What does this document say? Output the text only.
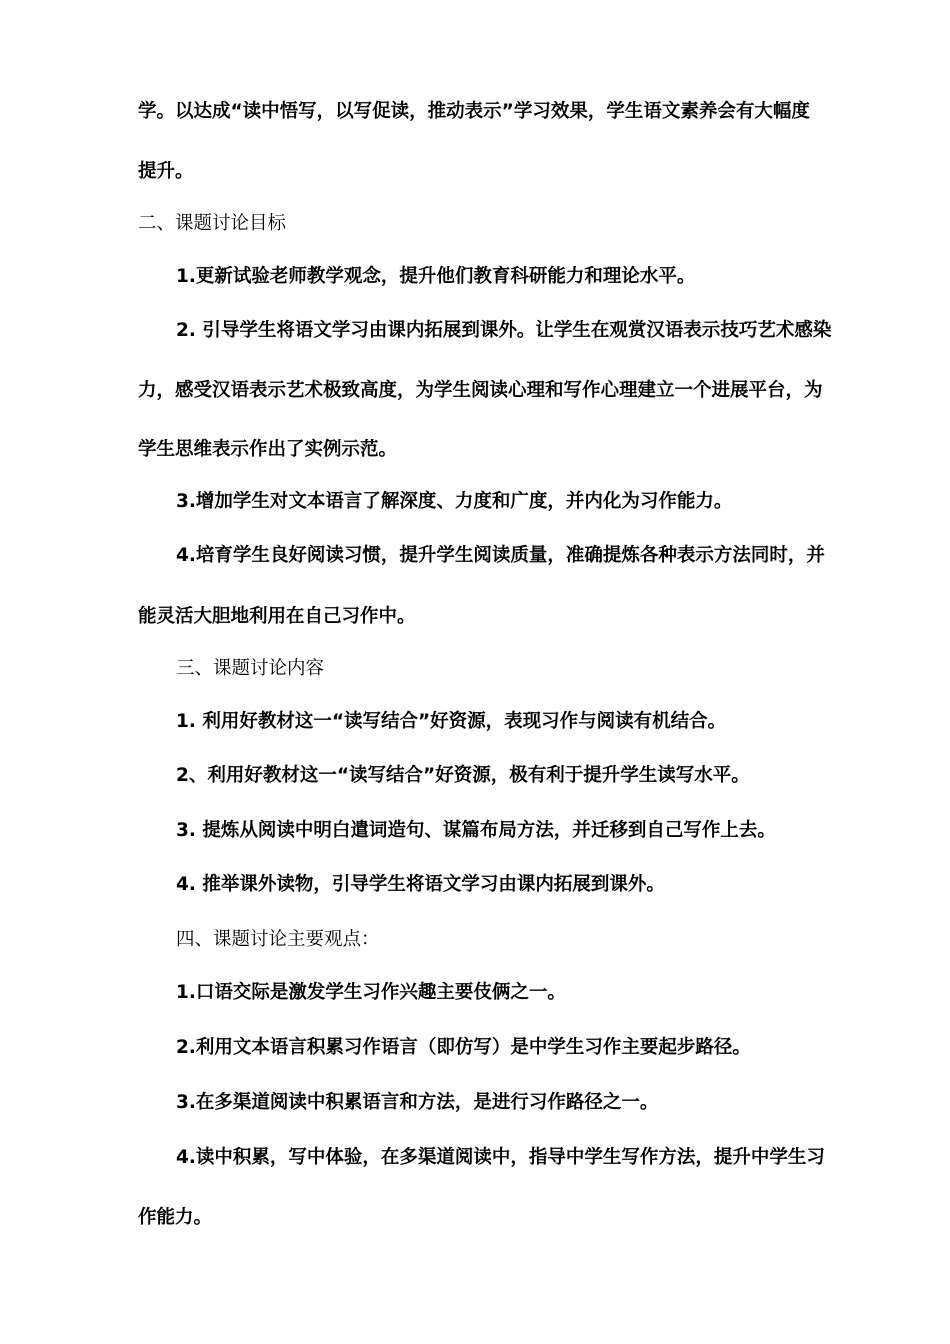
学。以达成“读中悟写，以写促读，推动表示”学习效果，学生语文素养会有大幅度
提升。
二、课题讨论目标
1.更新试验老师教学观念，提升他们教育科研能力和理论水平。
2. 引导学生将语文学习由课内拓展到课外。让学生在观赏汉语表示技巧艺术感染
力，感受汉语表示艺术极致高度，为学生阅读心理和写作心理建立一个进展平台，为
学生思维表示作出了实例示范。
3.增加学生对文本语言了解深度、力度和广度，并内化为习作能力。
4.培育学生良好阅读习惯，提升学生阅读质量，准确提炼各种表示方法同时，并
能灵活大胆地利用在自己习作中。
三、课题讨论内容
1. 利用好教材这一“读写结合”好资源，表现习作与阅读有机结合。
2、利用好教材这一“读写结合”好资源，极有利于提升学生读写水平。
3. 提炼从阅读中明白遣词造句、谋篇布局方法，并迁移到自己写作上去。
4. 推举课外读物，引导学生将语文学习由课内拓展到课外。
四、课题讨论主要观点：
1.口语交际是激发学生习作兴趣主要伎俩之一。
2.利用文本语言积累习作语言（即仿写）是中学生习作主要起步路径。
3.在多渠道阅读中积累语言和方法，是进行习作路径之一。
4.读中积累，写中体验，在多渠道阅读中，指导中学生写作方法，提升中学生习
作能力。
